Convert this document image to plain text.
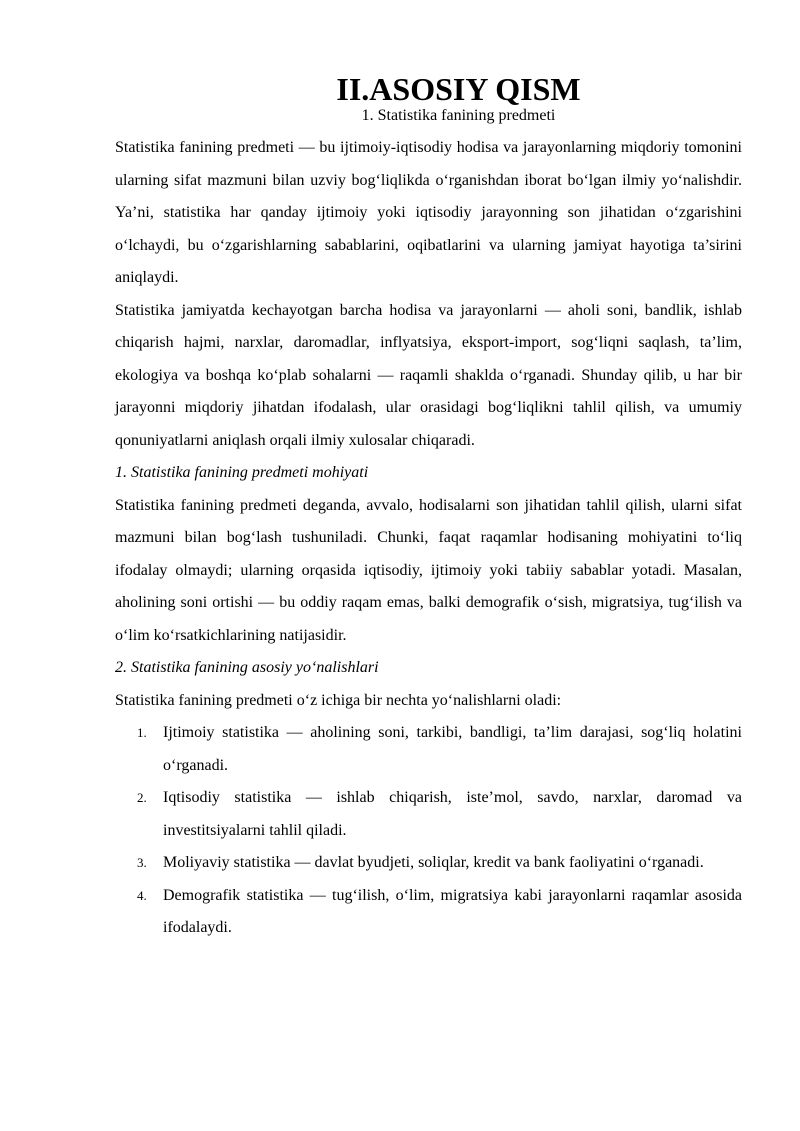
II.ASOSIY QISM
1. Statistika fanining predmeti

Statistika fanining predmeti — bu ijtimoiy-iqtisodiy hodisa va jarayonlarning miqdoriy tomonini ularning sifat mazmuni bilan uzviy bog‘liqlikda o‘rganishdan iborat bo‘lgan ilmiy yo‘nalishdir. Ya’ni, statistika har qanday ijtimoiy yoki iqtisodiy jarayonning son jihatidan o‘zgarishini o‘lchaydi, bu o‘zgarishlarning sabablarini, oqibatlarini va ularning jamiyat hayotiga ta’sirini aniqlaydi.

Statistika jamiyatda kechayotgan barcha hodisa va jarayonlarni — aholi soni, bandlik, ishlab chiqarish hajmi, narxlar, daromadlar, inflyatsiya, eksport-import, sog‘liqni saqlash, ta’lim, ekologiya va boshqa ko‘plab sohalarni — raqamli shaklda o‘rganadi. Shunday qilib, u har bir jarayonni miqdoriy jihatdan ifodalash, ular orasidagi bog‘liqlikni tahlil qilish, va umumiy qonuniyatlarni aniqlash orqali ilmiy xulosalar chiqaradi.

1. Statistika fanining predmeti mohiyati

Statistika fanining predmeti deganda, avvalo, hodisalarni son jihatidan tahlil qilish, ularni sifat mazmuni bilan bog‘lash tushuniladi. Chunki, faqat raqamlar hodisaning mohiyatini to‘liq ifodalay olmaydi; ularning orqasida iqtisodiy, ijtimoiy yoki tabiiy sabablar yotadi. Masalan, aholining soni ortishi — bu oddiy raqam emas, balki demografik o‘sish, migratsiya, tug‘ilish va o‘lim ko‘rsatkichlarining natijasidir.

2. Statistika fanining asosiy yo‘nalishlari

Statistika fanining predmeti o‘z ichiga bir nechta yo‘nalishlarni oladi:

1. Ijtimoiy statistika — aholining soni, tarkibi, bandligi, ta’lim darajasi, sog‘liq holatini o‘rganadi.
2. Iqtisodiy statistika — ishlab chiqarish, iste’mol, savdo, narxlar, daromad va investitsiyalarni tahlil qiladi.
3. Moliyaviy statistika — davlat byudjeti, soliqlar, kredit va bank faoliyatini o‘rganadi.
4. Demografik statistika — tug‘ilish, o‘lim, migratsiya kabi jarayonlarni raqamlar asosida ifodalaydi.
